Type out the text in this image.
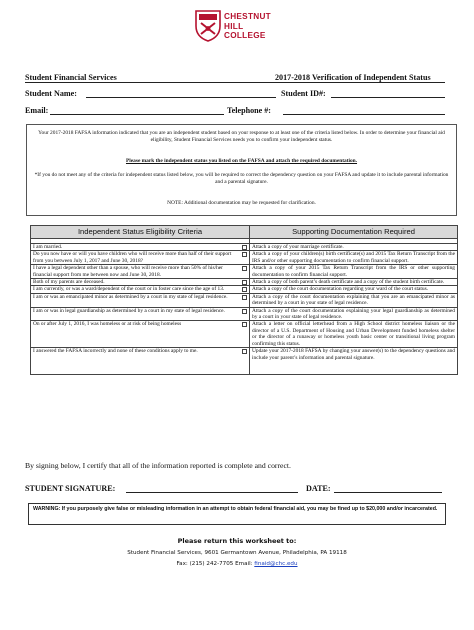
CHESTNUT
HILL
COLLEGE
Student Financial Services	2017-2018 Verification of Independent Status
Student Name:	Student ID#:
Email:	Telephone #:
Your 2017-2018 FAFSA information indicated that you are an independent student based on your response to at least one of the criteria listed below. In order to determine your financial aid eligibility, Student Financial Services needs you to confirm your independent status.
Please mark the independent status you listed on the FAFSA and attach the required documentation.
*If you do not meet any of the criteria for independent status listed below, you will be required to correct the dependency question on your FAFSA and update it to include parental information and a parental signature.
NOTE: Additional documentation may be requested for clarification.
Independent Status Eligibility Criteria	Supporting Documentation Required

I am married.	Attach a copy of your marriage certificate.

Do you now have or will you have children who will receive more than half of their support from you between July 1, 2017 and June 30, 2018?	Attach a copy of your children(s) birth certificate(s) and 2015 Tax Return Transcript from the IRS and/or other supporting documentation to confirm financial support.

I have a legal dependent other than a spouse, who will receive more than 50% of his/her financial support from me between now and June 30, 2018.	Attach a copy of your 2015 Tax Return Transcript from the IRS or other supporting documentation to confirm financial support.

Both of my parents are deceased.	Attach a copy of both parent’s death certificate and a copy of the student birth certificate.

I am currently, or was a ward/dependent of the court or in foster care since the age of 13.	Attach a copy of the court documentation regarding your ward of the court status.

I am or was an emancipated minor as determined by a court in my state of legal residence.	Attach a copy of the court documentation explaining that you are an emancipated minor as determined by a court in your state of legal residence.

I am or was in legal guardianship as determined by a court in my state of legal residence.	Attach a copy of the court documentation explaining your legal guardianship as determined by a court in your state of legal residence.

On or after July 1, 2016, I was homeless or at risk of being homeless	Attach a letter on official letterhead from a High School district homeless liaison or the director of a U.S. Department of Housing and Urban Development funded homeless shelter or the director of a runaway or homeless youth basic center or transitional living program confirming this status.

I answered the FAFSA incorrectly and none of these conditions apply to me.	Update your 2017-2018 FAFSA by changing your answer(s) to the dependency questions and include your parent’s information and parental signature.
By signing below, I certify that all of the information reported is complete and correct.
STUDENT SIGNATURE:	DATE:
WARNING: If you purposely give false or misleading information in an attempt to obtain federal financial aid, you may be fined up to $20,000 and/or incarcerated.
Please return this worksheet to:
Student Financial Services, 9601 Germantown Avenue, Philadelphia, PA 19118
Fax: (215) 242-7705 Email: finaid@chc.edu
